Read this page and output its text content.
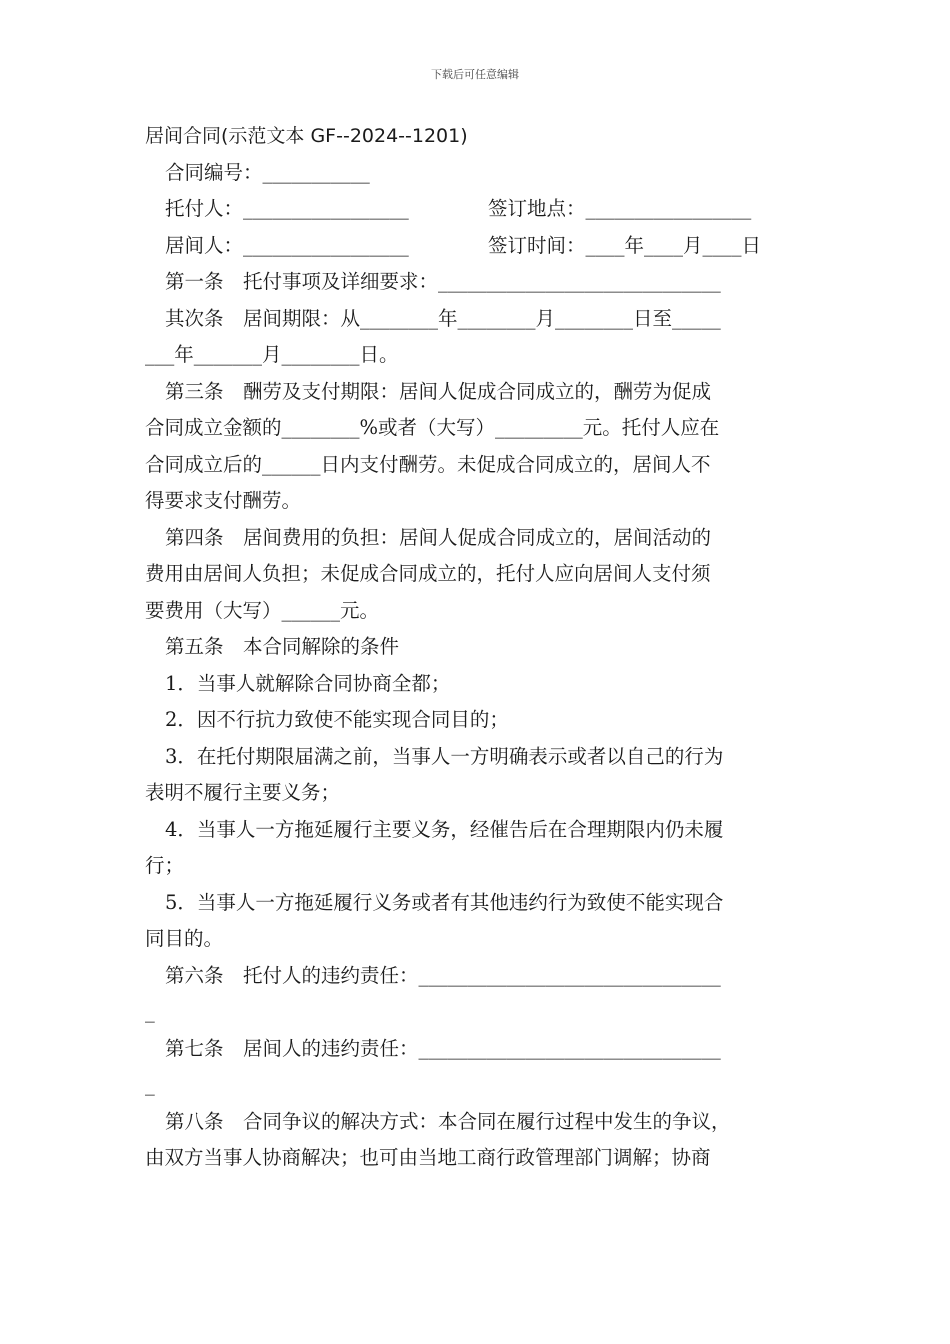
下载后可任意编辑
居间合同(示范文本 GF--2024--1201)
合同编号：___________
托付人：_________________	签订地点：_________________
居间人：_________________	签订时间：____年____月____日
第一条　托付事项及详细要求：_____________________________
其次条　居间期限：从________年________月________日至_____
___年_______月________日。
第三条　酬劳及支付期限：居间人促成合同成立的，酬劳为促成
合同成立金额的________%或者（大写）_________元。托付人应在
合同成立后的______日内支付酬劳。未促成合同成立的，居间人不
得要求支付酬劳。
第四条　居间费用的负担：居间人促成合同成立的，居间活动的
费用由居间人负担；未促成合同成立的，托付人应向居间人支付须
要费用（大写）______元。
第五条　本合同解除的条件
1．当事人就解除合同协商全都；
2．因不行抗力致使不能实现合同目的；
3．在托付期限届满之前，当事人一方明确表示或者以自己的行为
表明不履行主要义务；
4．当事人一方拖延履行主要义务，经催告后在合理期限内仍未履
行；
5．当事人一方拖延履行义务或者有其他违约行为致使不能实现合
同目的。
第六条　托付人的违约责任：_______________________________
_
第七条　居间人的违约责任：_______________________________
_
第八条　合同争议的解决方式：本合同在履行过程中发生的争议，
由双方当事人协商解决；也可由当地工商行政管理部门调解；协商
